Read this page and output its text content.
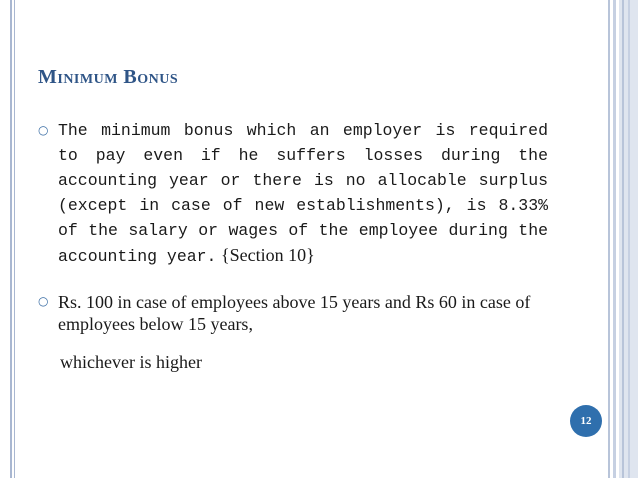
Minimum Bonus
○ The minimum bonus which an employer is required to pay even if he suffers losses during the accounting year or there is no allocable surplus (except in case of new establishments), is 8.33% of the salary or wages of the employee during the accounting year. {Section 10}
○ Rs. 100 in case of employees above 15 years and Rs 60 in case of employees below 15 years,
whichever is higher
12
